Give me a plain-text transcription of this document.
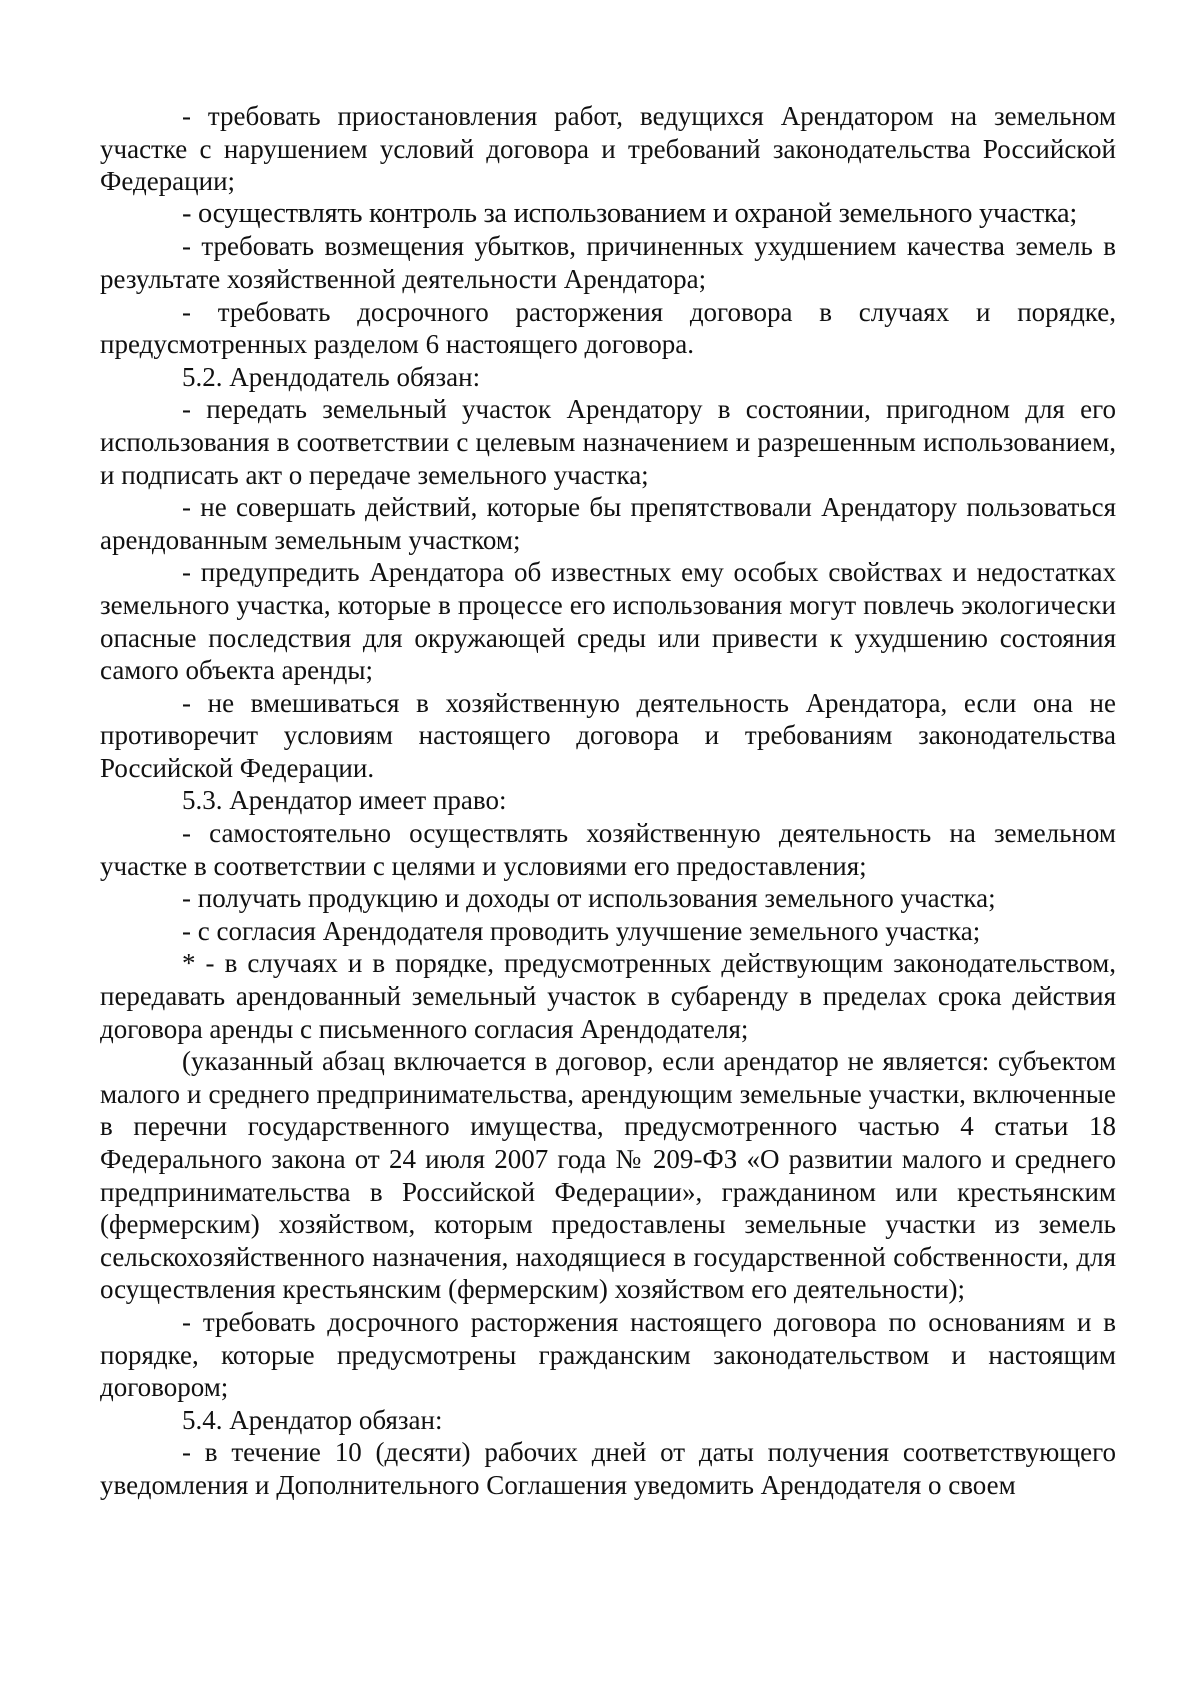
- требовать приостановления работ, ведущихся Арендатором на земельном участке с нарушением условий договора и требований законодательства Российской Федерации;

- осуществлять контроль за использованием и охраной земельного участка;

- требовать возмещения убытков, причиненных ухудшением качества земель в результате хозяйственной деятельности Арендатора;

- требовать досрочного расторжения договора в случаях и порядке, предусмотренных разделом 6 настоящего договора.

5.2. Арендодатель обязан:

- передать земельный участок Арендатору в состоянии, пригодном для его использования в соответствии с целевым назначением и разрешенным использованием, и подписать акт о передаче земельного участка;

- не совершать действий, которые бы препятствовали Арендатору пользоваться арендованным земельным участком;

- предупредить Арендатора об известных ему особых свойствах и недостатках земельного участка, которые в процессе его использования могут повлечь экологически опасные последствия для окружающей среды или привести к ухудшению состояния самого объекта аренды;

- не вмешиваться в хозяйственную деятельность Арендатора, если она не противоречит условиям настоящего договора и требованиям законодательства Российской Федерации.

5.3. Арендатор имеет право:

- самостоятельно осуществлять хозяйственную деятельность на земельном участке в соответствии с целями и условиями его предоставления;

- получать продукцию и доходы от использования земельного участка;

- с согласия Арендодателя проводить улучшение земельного участка;

* - в случаях и в порядке, предусмотренных действующим законодательством, передавать арендованный земельный участок в субаренду в пределах срока действия договора аренды с письменного согласия Арендодателя;

(указанный абзац включается в договор, если арендатор не является: субъектом малого и среднего предпринимательства, арендующим земельные участки, включенные в перечни государственного имущества, предусмотренного частью 4 статьи 18 Федерального закона от 24 июля 2007 года № 209-ФЗ «О развитии малого и среднего предпринимательства в Российской Федерации», гражданином или крестьянским (фермерским) хозяйством, которым предоставлены земельные участки из земель сельскохозяйственного назначения, находящиеся в государственной собственности, для осуществления крестьянским (фермерским) хозяйством его деятельности);

- требовать досрочного расторжения настоящего договора по основаниям и в порядке, которые предусмотрены гражданским законодательством и настоящим договором;

5.4. Арендатор обязан:

- в течение 10 (десяти) рабочих дней от даты получения соответствующего уведомления и Дополнительного Соглашения уведомить Арендодателя о своем
